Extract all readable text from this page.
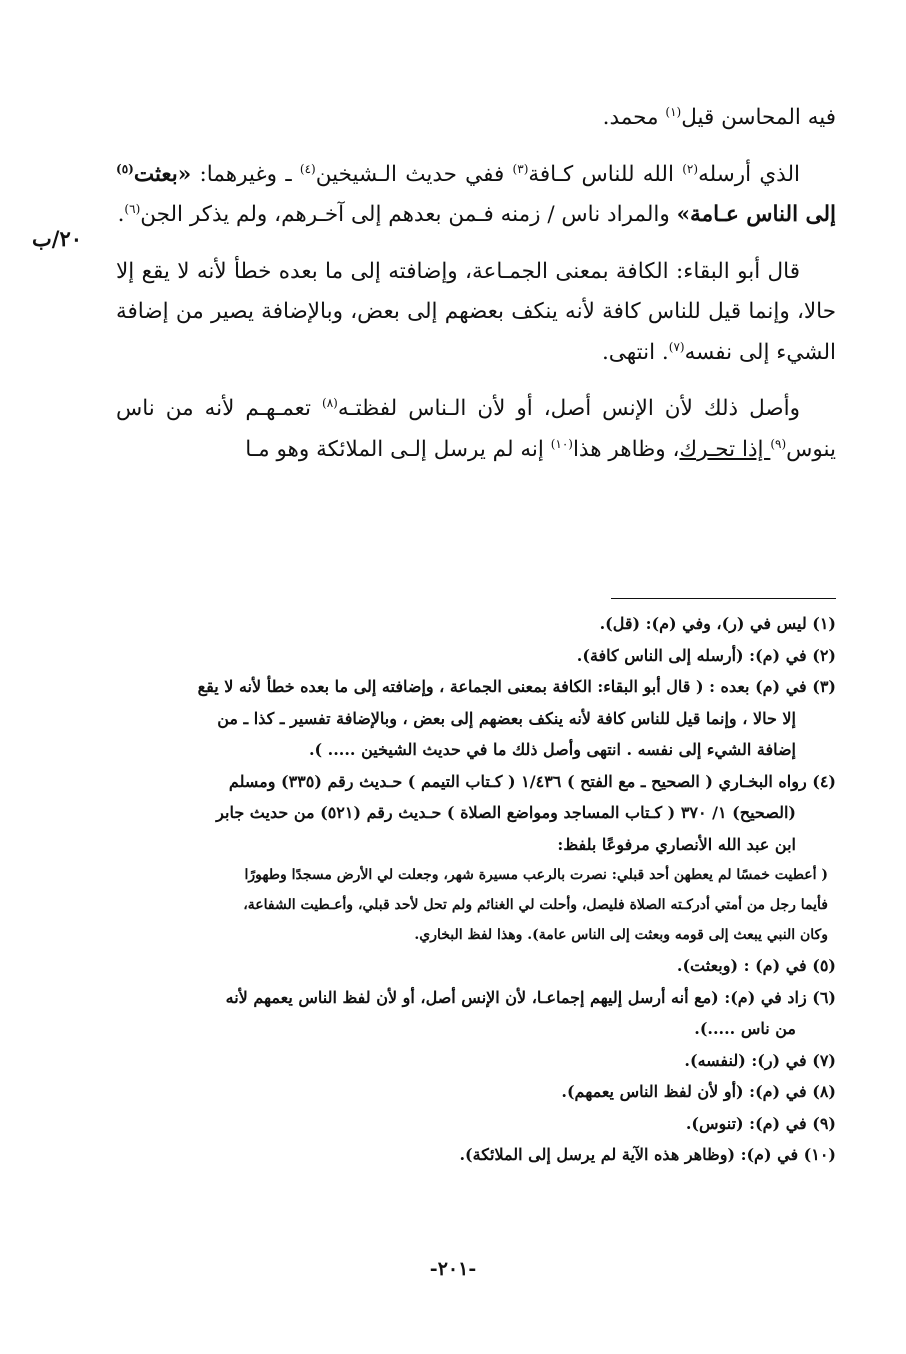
٢٠/ب

فيه المحاسن قيل$^{(١)}$ محمد.

الذي أرسله$^{(٢)}$ الله للناس كـافة$^{(٣)}$ ففي حديث الـشيخين$^{(٤)}$ ـ وغيرهما: «بعثت$^{(٥)}$ إلى الناس عـامة» والمراد ناس / زمنه فـمن بعدهم إلى آخـرهم، ولم يذكر الجن$^{(٦)}$.

قال أبو البقاء: الكافة بمعنى الجمـاعة، وإضافته إلى ما بعده خطأ لأنه لا يقع إلا حالا، وإنما قيل للناس كافة لأنه ينكف بعضهم إلى بعض، وبالإضافة يصير من إضافة الشيء إلى نفسه$^{(٧)}$. انتهى.

وأصل ذلك لأن الإنس أصل، أو لأن الـناس لفظتـه$^{(٨)}$ تعمـهـم لأنه من ناس ينوس$^{(٩)}$ إذا تحـرك، وظاهر هذا$^{(١٠)}$ إنه لم يرسل إلـى الملائكة وهو مـا

(١) ليس في (ر)، وفي (م): (قل).

(٢) في (م): (أرسله إلى الناس كافة).

(٣) في (م) بعده : ( قال أبو البقاء: الكافة بمعنى الجماعة ، وإضافته إلى ما بعده خطأ لأنه لا يقع

إلا حالا ، وإنما قيل للناس كافة لأنه ينكف بعضهم إلى بعض ، وبالإضافة تفسير ـ كذا ـ من

إضافة الشيء إلى نفسه . انتهى وأصل ذلك ما في حديث الشيخين ..... ).

(٤) رواه البخـاري ( الصحيح ـ مع الفتح ) ١/٤٣٦ ( كـتاب التيمم ) حـديث رقم (٣٣٥) ومسلم

(الصحيح) ١/ ٣٧٠ ( كـتاب المساجد ومواضع الصلاة ) حـديث رقم (٥٢١) من حديث جابر

ابن عبد الله الأنصاري مرفوعًا بلفظ:

( أعطيت خمسًا لم يعطهن أحد قبلي: نصرت بالرعب مسيرة شهر، وجعلت لي الأرض مسجدًا وطهورًا

فأيما رجل من أمتي أدركـته الصلاة فليصل، وأحلت لي الغنائم ولم تحل لأحد قبلي، وأعـطيت الشفاعة،

وكان النبي يبعث إلى قومه وبعثت إلى الناس عامة). وهذا لفظ البخاري.

(٥) في (م) : (وبعثت).

(٦) زاد في (م): (مع أنه أرسل إليهم إجماعـا، لأن الإنس أصل، أو لأن لفظ الناس يعمهم لأنه

من ناس .....).

(٧) في (ر): (لنفسه).

(٨) في (م): (أو لأن لفظ الناس يعمهم).

(٩) في (م): (تنوس).

(١٠) في (م): (وظاهر هذه الآية لم يرسل إلى الملائكة).

-٢٠١-
